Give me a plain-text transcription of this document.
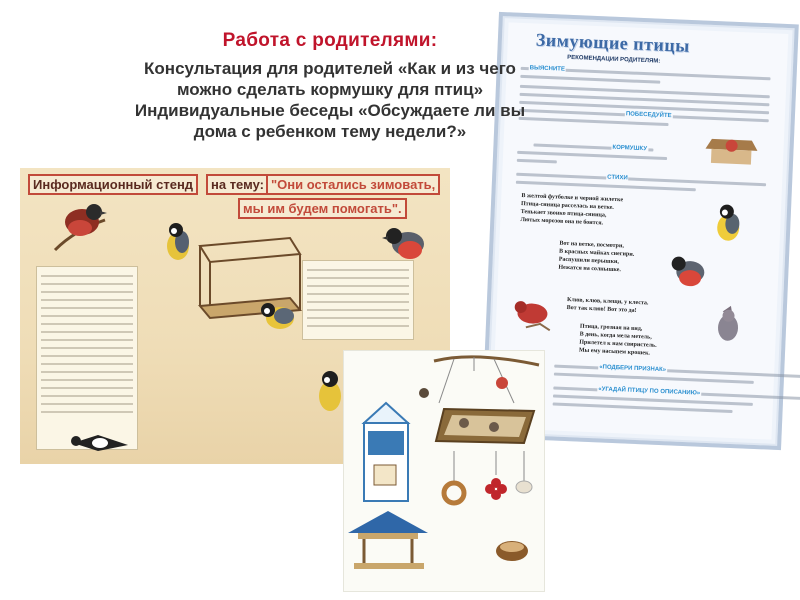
Информационный стенд	на тему: "Они остались зимовать,
мы им будем помогать".
Зимующие птицы
РЕКОМЕНДАЦИИ РОДИТЕЛЯМ:
ВЫЯСНИТЕ
ПОБЕСЕДУЙТЕ
КОРМУШКУ
СТИХИ
В желтой футболке и черной жилетке
Птица-синица расселась на ветке.
Тенькает звонко птица-синица,
Лютых морозов она не боится.
Вот на ветке, посмотри,
В красных майках снегири.
Распушили перышки,
Нежатся на солнышке.
Клюв, клюв, клещи, у клеста.
Вот так клюв! Вот это да!
Птица, грозная на вид,
В день, когда мела метель,
Прилетел к нам свиристель.
Мы ему насыпем крошек.
«ПОДБЕРИ ПРИЗНАК»
«УГАДАЙ ПТИЦУ ПО ОПИСАНИЮ»

Работа с родителями:

Консультация для родителей «Как и из чего

можно сделать кормушку для птиц»

Индивидуальные беседы «Обсуждаете ли вы

дома с ребенком тему недели?»
